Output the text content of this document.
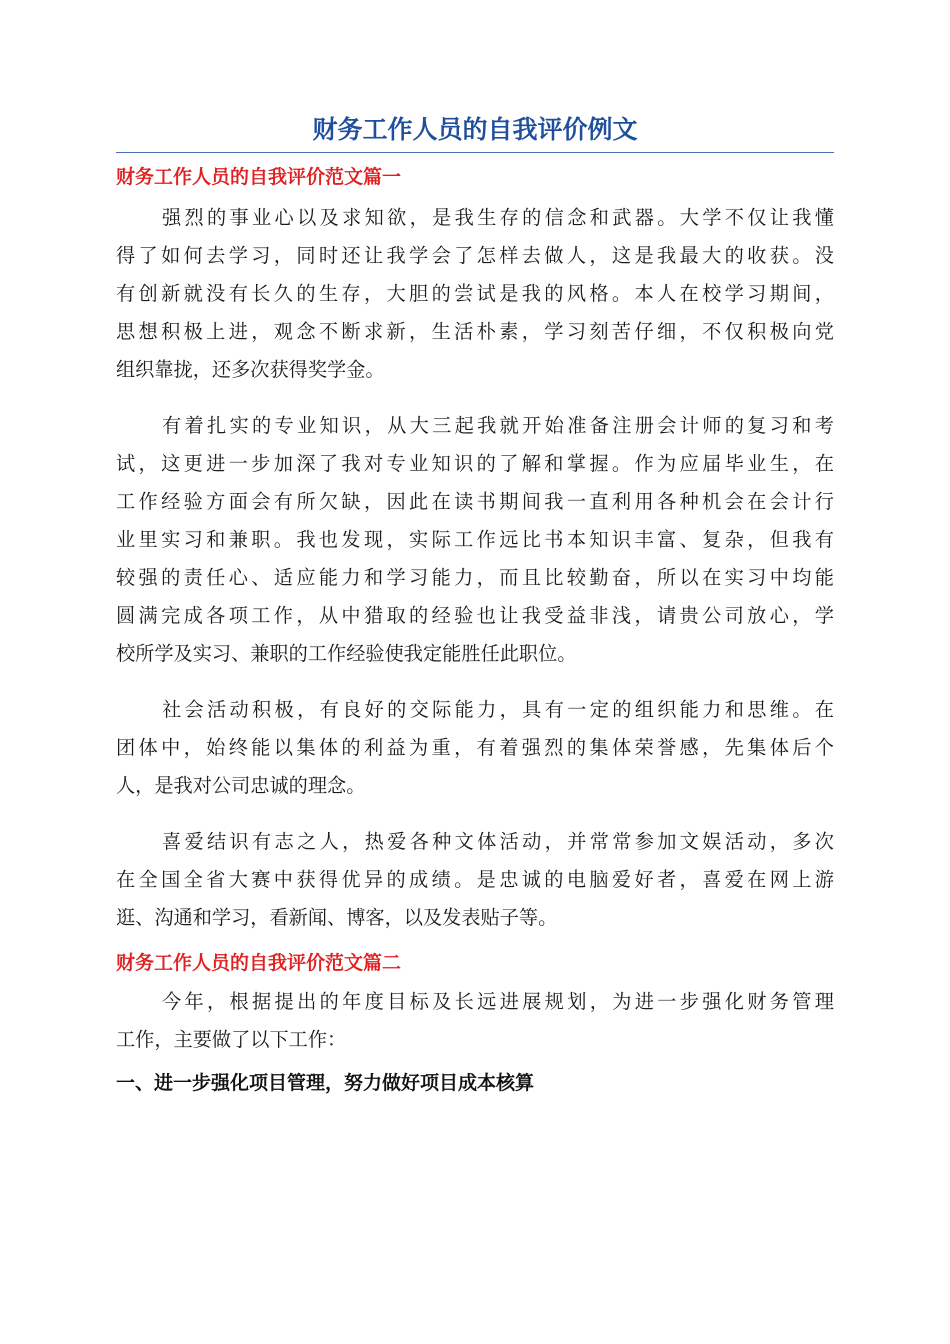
财务工作人员的自我评价例文
财务工作人员的自我评价范文篇一
强烈的事业心以及求知欲，是我生存的信念和武器。大学不仅让我懂
得了如何去学习，同时还让我学会了怎样去做人，这是我最大的收获。没
有创新就没有长久的生存，大胆的尝试是我的风格。本人在校学习期间，
思想积极上进，观念不断求新，生活朴素，学习刻苦仔细，不仅积极向党
组织靠拢，还多次获得奖学金。
有着扎实的专业知识，从大三起我就开始准备注册会计师的复习和考
试，这更进一步加深了我对专业知识的了解和掌握。作为应届毕业生，在
工作经验方面会有所欠缺，因此在读书期间我一直利用各种机会在会计行
业里实习和兼职。我也发现，实际工作远比书本知识丰富、复杂，但我有
较强的责任心、适应能力和学习能力，而且比较勤奋，所以在实习中均能
圆满完成各项工作，从中猎取的经验也让我受益非浅，请贵公司放心，学
校所学及实习、兼职的工作经验使我定能胜任此职位。
社会活动积极，有良好的交际能力，具有一定的组织能力和思维。在
团体中，始终能以集体的利益为重，有着强烈的集体荣誉感，先集体后个
人，是我对公司忠诚的理念。
喜爱结识有志之人，热爱各种文体活动，并常常参加文娱活动，多次
在全国全省大赛中获得优异的成绩。是忠诚的电脑爱好者，喜爱在网上游
逛、沟通和学习，看新闻、博客，以及发表贴子等。
财务工作人员的自我评价范文篇二
今年，根据提出的年度目标及长远进展规划，为进一步强化财务管理
工作，主要做了以下工作：
一、进一步强化项目管理，努力做好项目成本核算
